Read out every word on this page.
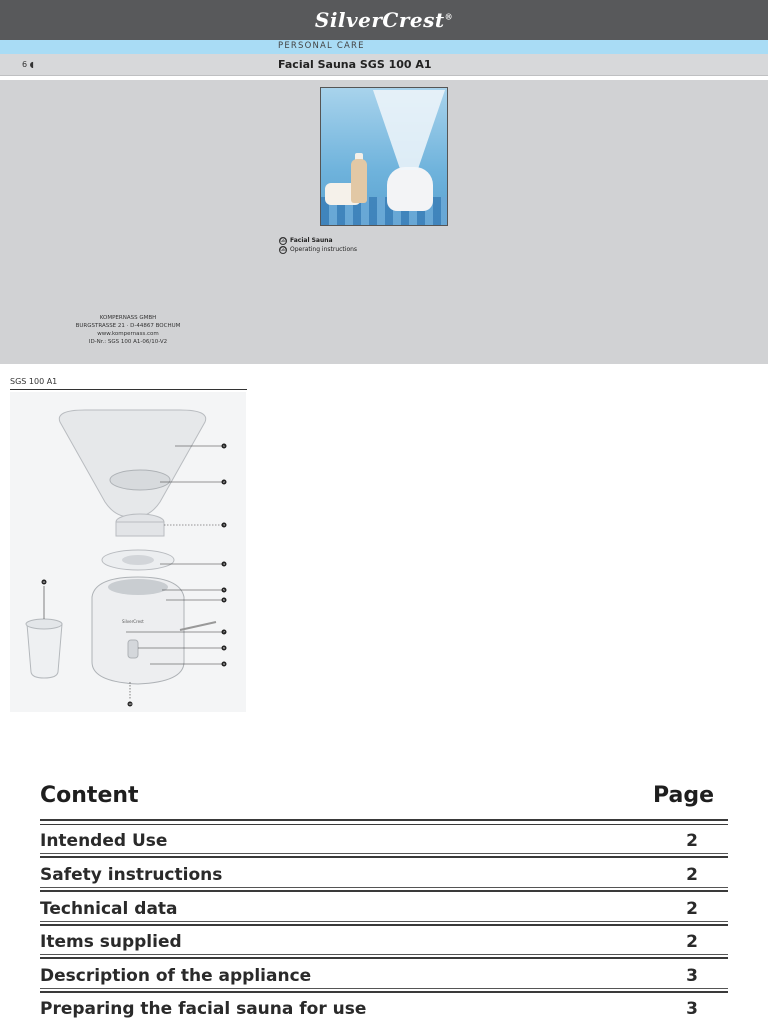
SilverCrest®
PERSONAL CARE
6 ◖	Facial Sauna SGS 100 A1
GB Facial Sauna
GB Operating instructions
KOMPERNASS GMBH
BURGSTRASSE 21 · D-44867 BOCHUM
www.kompernass.com
ID-Nr.: SGS 100 A1-06/10-V2
SGS 100 A1
SilverCrest
1
2
3
4
5
6
7
8
9
10
11
Content	Page
Intended Use	2
Safety instructions	2
Technical data	2
Items supplied	2
Description of the appliance	3
Preparing the facial sauna for use	3
